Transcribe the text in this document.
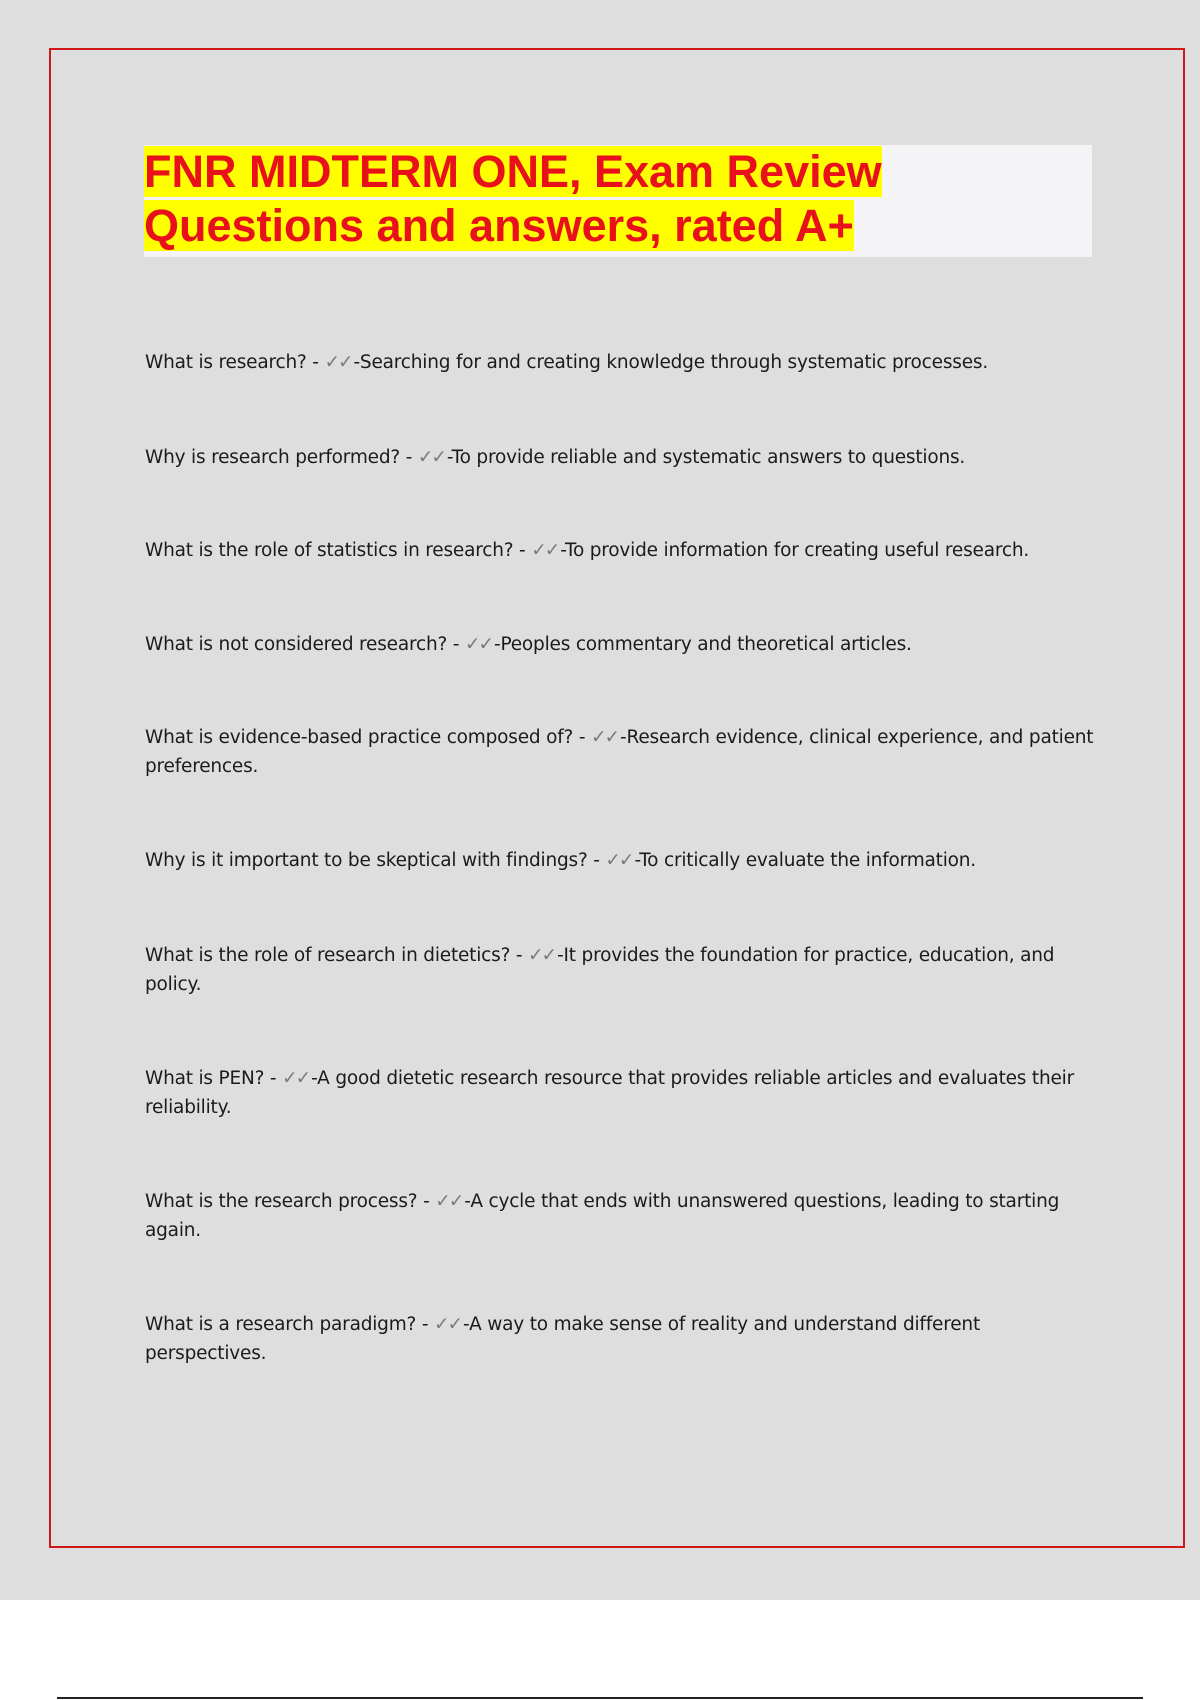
FNR MIDTERM ONE, Exam Review
Questions and answers, rated A+

What is research? - ✓✓ -Searching for and creating knowledge through systematic processes.

Why is research performed? - ✓✓ -To provide reliable and systematic answers to questions.

What is the role of statistics in research? - ✓✓ -To provide information for creating useful research.

What is not considered research? - ✓✓ -Peoples commentary and theoretical articles.

What is evidence-based practice composed of? - ✓✓ -Research evidence, clinical experience, and patient preferences.

Why is it important to be skeptical with findings? - ✓✓ -To critically evaluate the information.

What is the role of research in dietetics? - ✓✓ -It provides the foundation for practice, education, and policy.

What is PEN? - ✓✓ -A good dietetic research resource that provides reliable articles and evaluates their reliability.

What is the research process? - ✓✓ -A cycle that ends with unanswered questions, leading to starting again.

What is a research paradigm? - ✓✓ -A way to make sense of reality and understand different perspectives.
